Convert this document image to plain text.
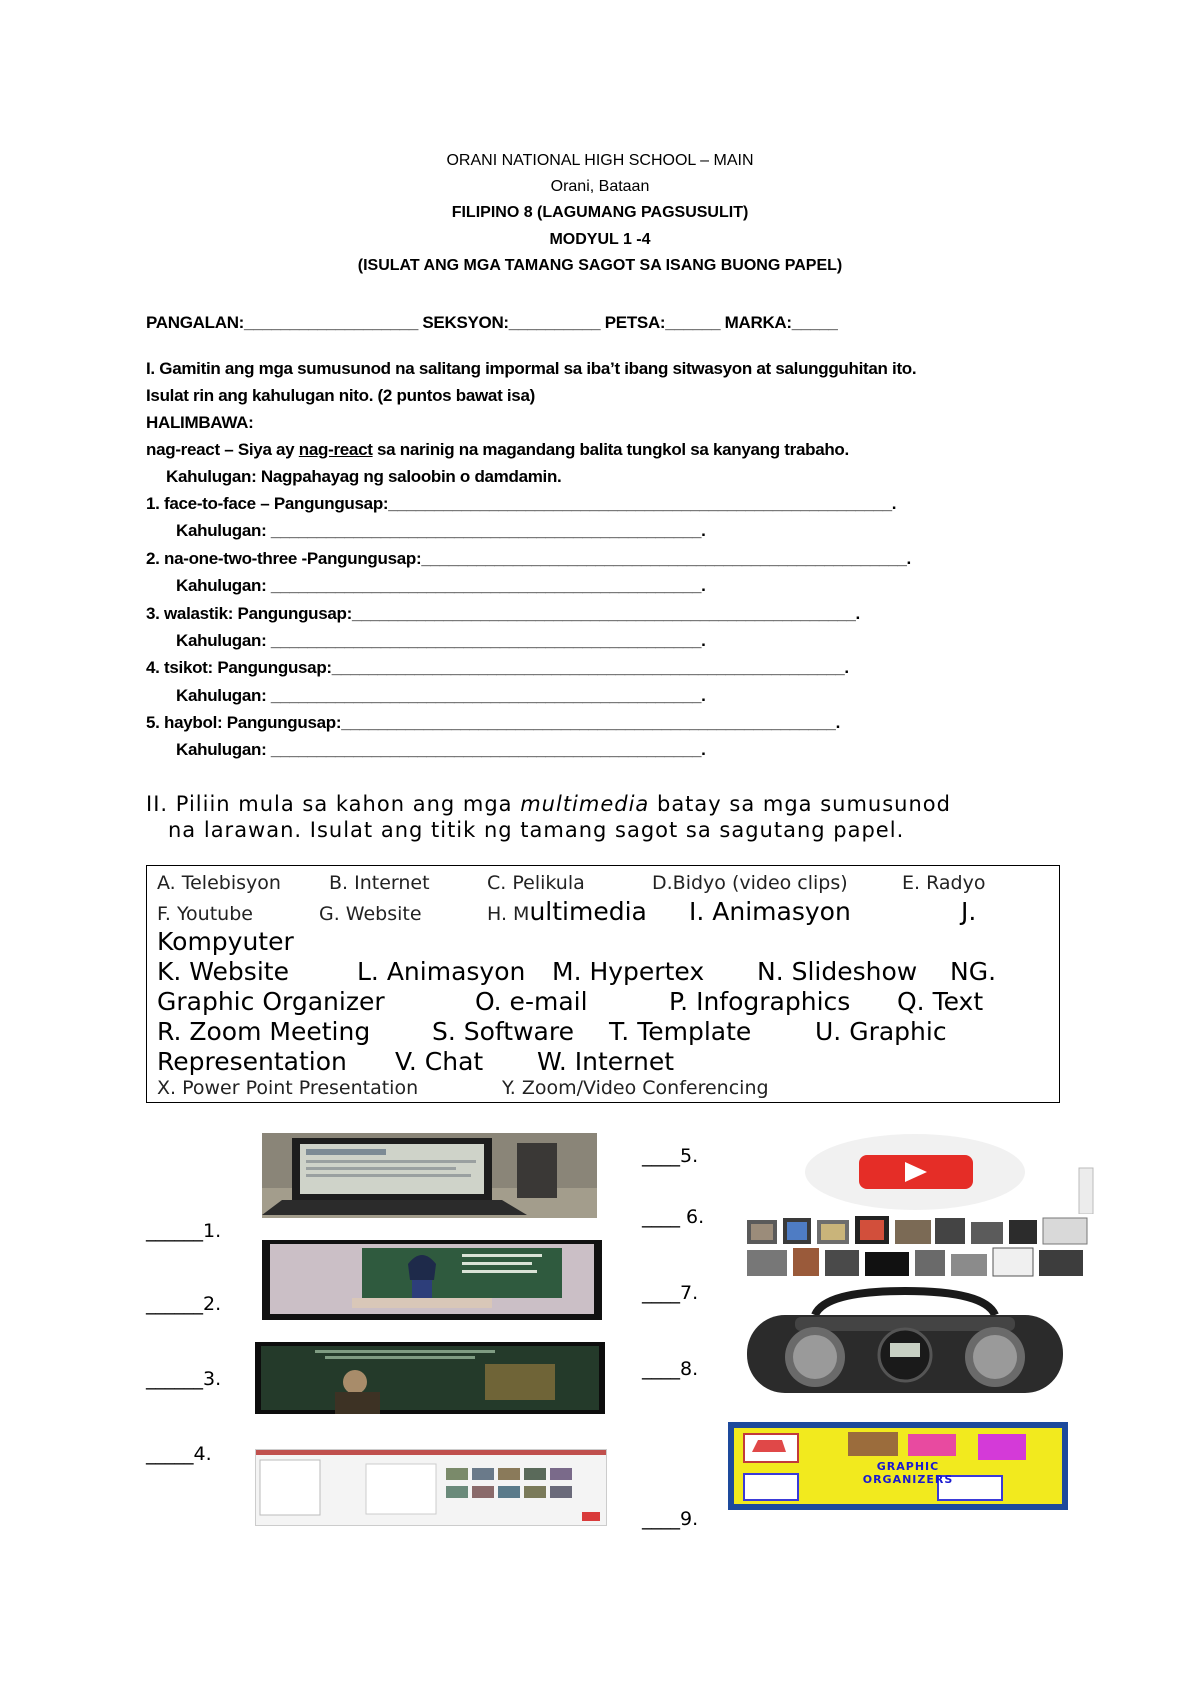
ORANI NATIONAL HIGH SCHOOL – MAIN
Orani, Bataan
FILIPINO 8 (LAGUMANG PAGSUSULIT)
MODYUL 1 -4
(ISULAT ANG MGA TAMANG SAGOT SA ISANG BUONG PAPEL)
PANGALAN:___________________ SEKSYON:__________ PETSA:______ MARKA:_____
I. Gamitin ang mga sumusunod na salitang impormal sa iba’t ibang sitwasyon at salungguhitan ito.
Isulat rin ang kahulugan nito. (2 puntos bawat isa)
HALIMBAWA:
nag-react – Siya ay nag-react sa narinig na magandang balita tungkol sa kanyang trabaho.
Kahulugan: Nagpahayag ng saloobin o damdamin.
1. face-to-face – Pangungusap:_______________________________________________________.
Kahulugan: _______________________________________________.
2. na-one-two-three -Pangungusap:_____________________________________________________.
Kahulugan: _______________________________________________.
3. walastik: Pangungusap:_______________________________________________________.
Kahulugan: _______________________________________________.
4. tsikot: Pangungusap:________________________________________________________.
Kahulugan: _______________________________________________.
5. haybol: Pangungusap:______________________________________________________.
Kahulugan: _______________________________________________.
II. Piliin mula sa kahon ang mga multimedia batay sa mga sumusunod
na larawan. Isulat ang titik ng tamang sagot sa sagutang papel.
A. Telebisyon	B. Internet	C. Pelikula	D.Bidyo (video clips)	E. Radyo
F. Youtube	G. Website	H. Multimedia I. Animasyon	J.
Kompyuter
K. Website	L. Animasyon M. Hypertex N. Slideshow NG.
Graphic Organizer	O. e-mail	P. Infographics Q. Text
R. Zoom Meeting S. Software T. Template	U. Graphic
Representation V. Chat W. Internet
X. Power Point Presentation	Y. Zoom/Video Conferencing
______1.
______2.
______3.
_____4.
____5.
____ 6.
____7.
____8.
____9.
GRAPHIC ORGANIZERS
